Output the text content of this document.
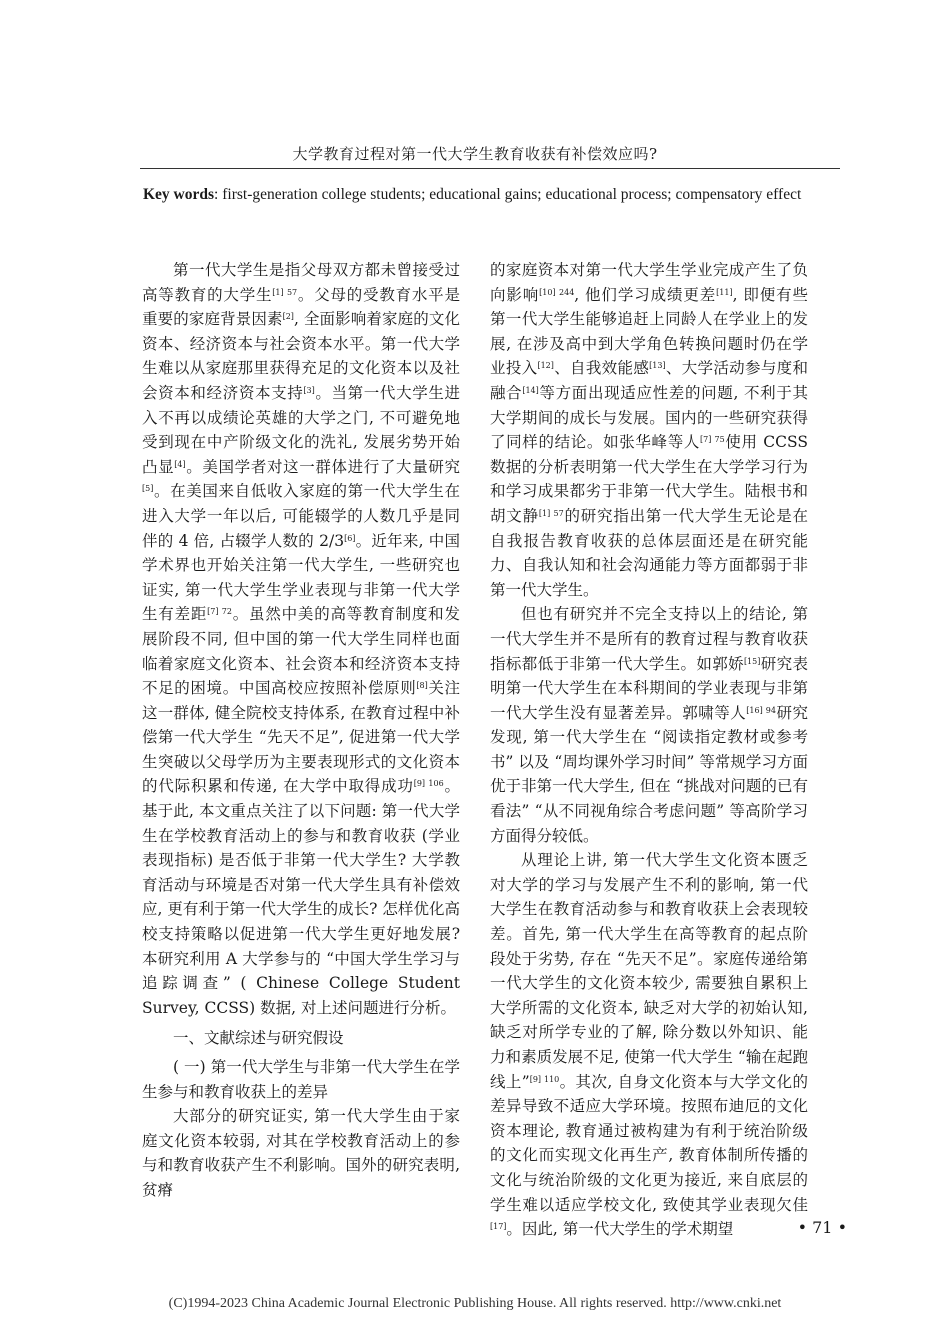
大学教育过程对第一代大学生教育收获有补偿效应吗?
Key words: first-generation college students; educational gains; educational process; compensatory effect

第一代大学生是指父母双方都未曾接受过高等教育的大学生$^{[1] 57}$。父母的受教育水平是重要的家庭背景因素[2], 全面影响着家庭的文化资本、经济资本与社会资本水平。第一代大学生难以从家庭那里获得充足的文化资本以及社会资本和经济资本支持[3]。当第一代大学生进入不再以成绩论英雄的大学之门, 不可避免地受到现在中产阶级文化的洗礼, 发展劣势开始凸显[4]。美国学者对这一群体进行了大量研究[5]。在美国来自低收入家庭的第一代大学生在进入大学一年以后, 可能辍学的人数几乎是同伴的 4 倍, 占辍学人数的 2/3[6]。近年来, 中国学术界也开始关注第一代大学生, 一些研究也证实, 第一代大学生学业表现与非第一代大学生有差距$^{[7] 72}$。虽然中美的高等教育制度和发展阶段不同, 但中国的第一代大学生同样也面临着家庭文化资本、社会资本和经济资本支持不足的困境。中国高校应按照补偿原则[8]关注这一群体, 健全院校支持体系, 在教育过程中补偿第一代大学生 “先天不足”, 促进第一代大学生突破以父母学历为主要表现形式的文化资本的代际积累和传递, 在大学中取得成功$^{[9] 106}$。基于此, 本文重点关注了以下问题: 第一代大学生在学校教育活动上的参与和教育收获 (学业表现指标) 是否低于非第一代大学生? 大学教育活动与环境是否对第一代大学生具有补偿效应, 更有利于第一代大学生的成长? 怎样优化高校支持策略以促进第一代大学生更好地发展? 本研究利用 A 大学参与的 “中国大学生学习与追踪调查” ( Chinese College Student Survey, CCSS) 数据, 对上述问题进行分析。

一、文献综述与研究假设

( 一) 第一代大学生与非第一代大学生在学生参与和教育收获上的差异

大部分的研究证实, 第一代大学生由于家庭文化资本较弱, 对其在学校教育活动上的参与和教育收获产生不利影响。国外的研究表明, 贫瘠

的家庭资本对第一代大学生学业完成产生了负向影响$^{[10] 244}$, 他们学习成绩更差[11], 即便有些第一代大学生能够追赶上同龄人在学业上的发展, 在涉及高中到大学角色转换问题时仍在学业投入[12]、自我效能感[13]、大学活动参与度和融合[14]等方面出现适应性差的问题, 不利于其大学期间的成长与发展。国内的一些研究获得了同样的结论。如张华峰等人$^{[7] 75}$使用 CCSS 数据的分析表明第一代大学生在大学学习行为和学习成果都劣于非第一代大学生。陆根书和胡文静$^{[1] 57}$的研究指出第一代大学生无论是在自我报告教育收获的总体层面还是在研究能力、自我认知和社会沟通能力等方面都弱于非第一代大学生。

但也有研究并不完全支持以上的结论, 第一代大学生并不是所有的教育过程与教育收获指标都低于非第一代大学生。如郭娇[15]研究表明第一代大学生在本科期间的学业表现与非第一代大学生没有显著差异。郭啸等人$^{[16] 94}$研究发现, 第一代大学生在 “阅读指定教材或参考书” 以及 “周均课外学习时间” 等常规学习方面优于非第一代大学生, 但在 “挑战对问题的已有看法” “从不同视角综合考虑问题” 等高阶学习方面得分较低。

从理论上讲, 第一代大学生文化资本匮乏对大学的学习与发展产生不利的影响, 第一代大学生在教育活动参与和教育收获上会表现较差。首先, 第一代大学生在高等教育的起点阶段处于劣势, 存在 “先天不足”。家庭传递给第一代大学生的文化资本较少, 需要独自累积上大学所需的文化资本, 缺乏对大学的初始认知, 缺乏对所学专业的了解, 除分数以外知识、能力和素质发展不足, 使第一代大学生 “输在起跑线上”$^{[9] 110}$。其次, 自身文化资本与大学文化的差异导致不适应大学环境。按照布迪厄的文化资本理论, 教育通过被构建为有利于统治阶级的文化而实现文化再生产, 教育体制所传播的文化与统治阶级的文化更为接近, 来自底层的学生难以适应学校文化, 致使其学业表现欠佳[17]。因此, 第一代大学生的学术期望	• 71 •
(C)1994-2023 China Academic Journal Electronic Publishing House. All rights reserved. http://www.cnki.net
